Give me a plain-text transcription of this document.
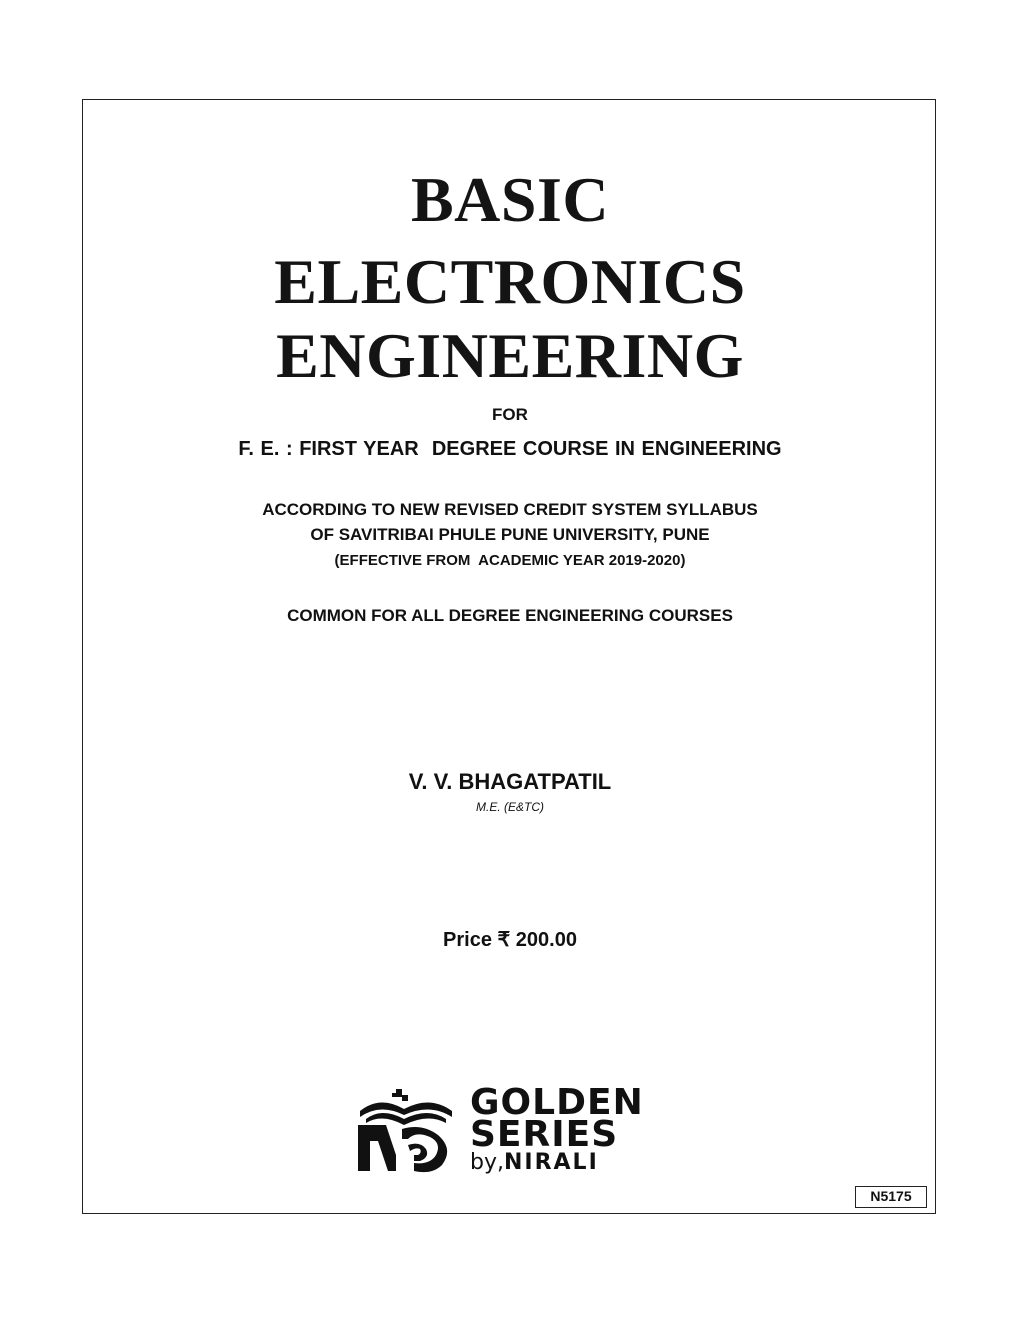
BASIC
ELECTRONICS
ENGINEERING
FOR
F. E. : FIRST YEAR  DEGREE COURSE IN ENGINEERING
ACCORDING TO NEW REVISED CREDIT SYSTEM SYLLABUS
OF SAVITRIBAI PHULE PUNE UNIVERSITY, PUNE
(EFFECTIVE FROM  ACADEMIC YEAR 2019-2020)
COMMON FOR ALL DEGREE ENGINEERING COURSES
V. V. BHAGATPATIL
M.E. (E&TC)
Price ₹ 200.00
GOLDEN
SERIES
by,NIRALI
N5175
